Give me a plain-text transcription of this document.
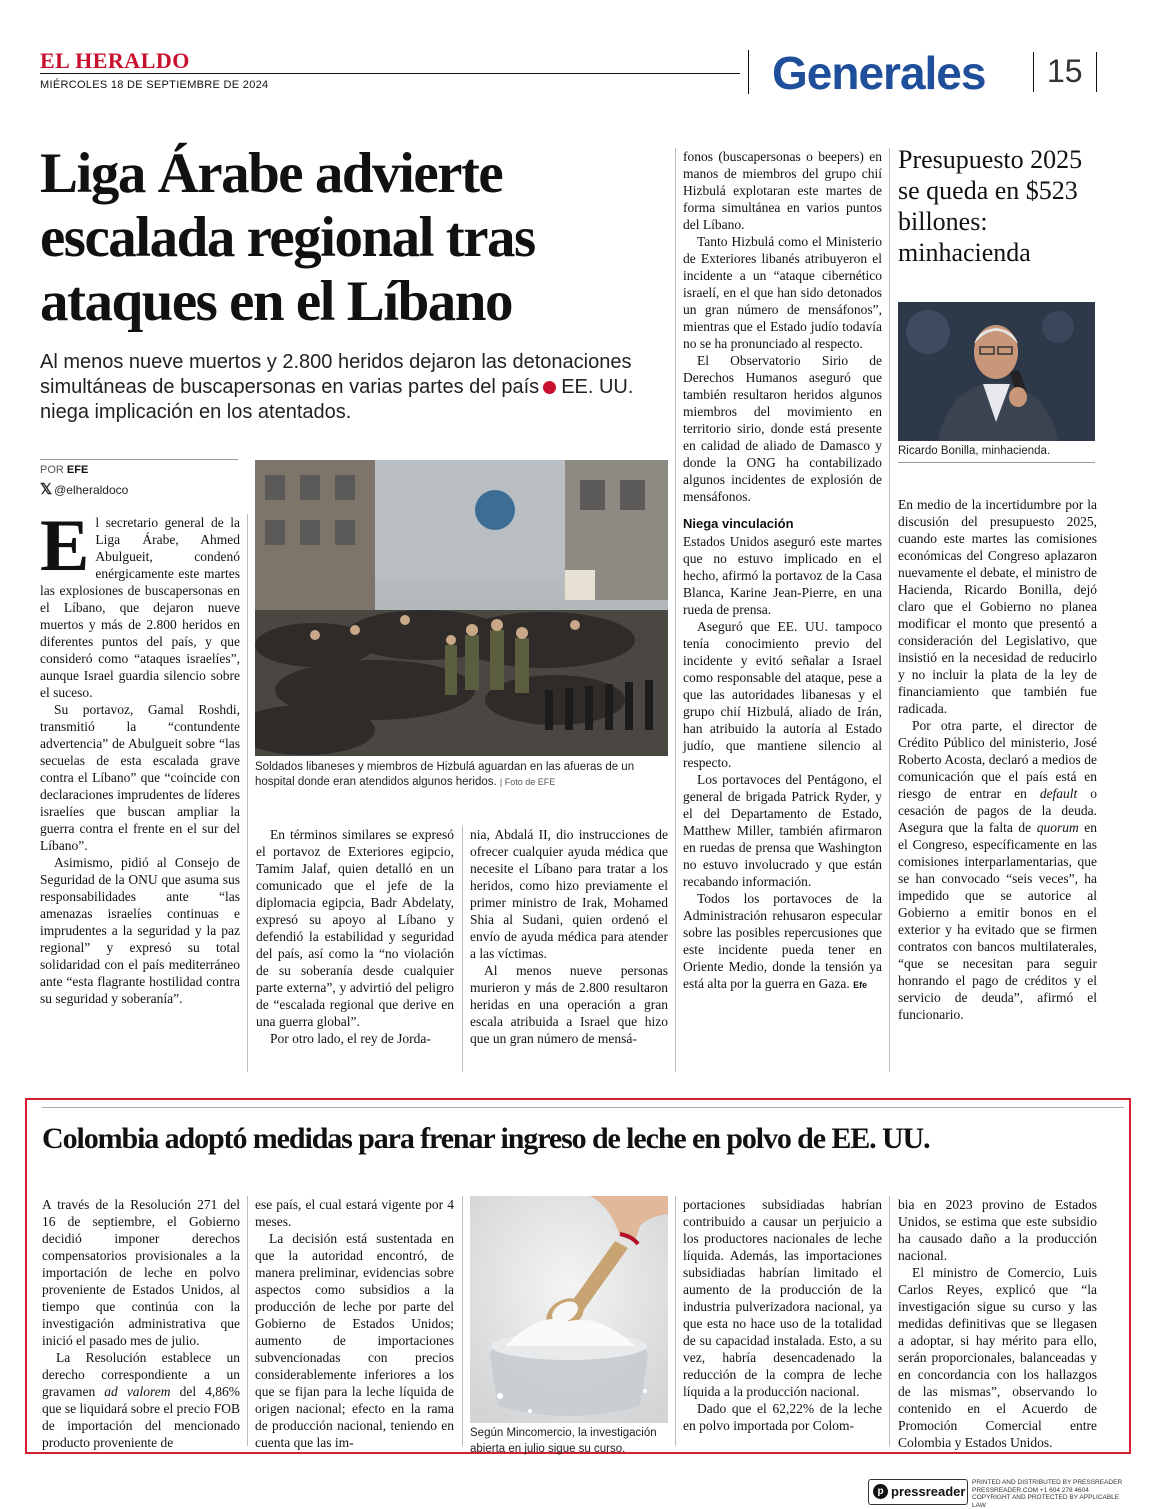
EL HERALDO
MIÉRCOLES 18 DE SEPTIEMBRE DE 2024	Generales 15
Liga Árabe advierte escalada regional tras ataques en el Líbano
Al menos nueve muertos y 2.800 heridos dejaron las detonaciones simultáneas de buscapersonas en varias partes del país EE. UU. niega implicación en los atentados.
POR EFE
𝕏 @elheraldoco

El secretario general de la Liga Árabe, Ahmed Abulgueit, condenó enérgicamente este martes las explosiones de buscapersonas en el Líbano, que dejaron nueve muertos y más de 2.800 heridos en diferentes puntos del país, y que consideró como “ataques israelíes”, aunque Israel guardia silencio sobre el suceso.

Su portavoz, Gamal Roshdi, transmitió la “contundente advertencia” de Abulgueit sobre “las secuelas de esta escalada grave contra el Líbano” que “coincide con declaraciones imprudentes de líderes israelíes que buscan ampliar la guerra contra el frente en el sur del Líbano”.

Asimismo, pidió al Consejo de Seguridad de la ONU que asuma sus responsabilidades ante “las amenazas israelíes continuas e imprudentes a la seguridad y la paz regional” y expresó su total solidaridad con el país mediterráneo ante “esta flagrante hostilidad contra su seguridad y soberanía”.

Soldados libaneses y miembros de Hizbulá aguardan en las afueras de un hospital donde eran atendidos algunos heridos. | Foto de EFE

En términos similares se expresó el portavoz de Exteriores egipcio, Tamim Jalaf, quien detalló en un comunicado que el jefe de la diplomacia egipcia, Badr Abdelaty, expresó su apoyo al Líbano y defendió la estabilidad y seguridad del país, así como la “no violación de su soberanía desde cualquier parte externa”, y advirtió del peligro de “escalada regional que derive en una guerra global”.

Por otro lado, el rey de Jorda-

nia, Abdalá II, dio instrucciones de ofrecer cualquier ayuda médica que necesite el Líbano para tratar a los heridos, como hizo previamente el primer ministro de Irak, Mohamed Shia al Sudani, quien ordenó el envío de ayuda médica para atender a las víctimas.

Al menos nueve personas murieron y más de 2.800 resultaron heridas en una operación a gran escala atribuida a Israel que hizo que un gran número de mensá-

fonos (buscapersonas o beepers) en manos de miembros del grupo chií Hizbulá explotaran este martes de forma simultánea en varios puntos del Líbano.

Tanto Hizbulá como el Ministerio de Exteriores libanés atribuyeron el incidente a un “ataque cibernético israelí, en el que han sido detonados un gran número de mensáfonos”, mientras que el Estado judío todavía no se ha pronunciado al respecto.

El Observatorio Sirio de Derechos Humanos aseguró que también resultaron heridos algunos miembros del movimiento en territorio sirio, donde está presente en calidad de aliado de Damasco y donde la ONG ha contabilizado algunos incidentes de explosión de mensáfonos.

Niega vinculación

Estados Unidos aseguró este martes que no estuvo implicado en el hecho, afirmó la portavoz de la Casa Blanca, Karine Jean-Pierre, en una rueda de prensa.

Aseguró que EE. UU. tampoco tenía conocimiento previo del incidente y evitó señalar a Israel como responsable del ataque, pese a que las autoridades libanesas y el grupo chií Hizbulá, aliado de Irán, han atribuido la autoría al Estado judío, que mantiene silencio al respecto.

Los portavoces del Pentágono, el general de brigada Patrick Ryder, y el del Departamento de Estado, Matthew Miller, también afirmaron en ruedas de prensa que Washington no estuvo involucrado y que están recabando información.

Todos los portavoces de la Administración rehusaron especular sobre las posibles repercusiones que este incidente pueda tener en Oriente Medio, donde la tensión ya está alta por la guerra en Gaza. Efe

Presupuesto 2025 se queda en $523 billones: minhacienda
Ricardo Bonilla, minhacienda.

En medio de la incertidumbre por la discusión del presupuesto 2025, cuando este martes las comisiones económicas del Congreso aplazaron nuevamente el debate, el ministro de Hacienda, Ricardo Bonilla, dejó claro que el Gobierno no planea modificar el monto que presentó a consideración del Legislativo, que insistió en la necesidad de reducirlo y no incluir la plata de la ley de financiamiento que también fue radicada.

Por otra parte, el director de Crédito Público del ministerio, José Roberto Acosta, declaró a medios de comunicación que el país está en riesgo de entrar en default o cesación de pagos de la deuda. Asegura que la falta de quorum en el Congreso, específicamente en las comisiones interparlamentarias, que se han convocado “seis veces”, ha impedido que se autorice al Gobierno a emitir bonos en el exterior y ha evitado que se firmen contratos con bancos multilaterales, “que se necesitan para seguir honrando el pago de créditos y el servicio de deuda”, afirmó el funcionario.

Colombia adoptó medidas para frenar ingreso de leche en polvo de EE. UU.

A través de la Resolución 271 del 16 de septiembre, el Gobierno decidió imponer derechos compensatorios provisionales a la importación de leche en polvo proveniente de Estados Unidos, al tiempo que continúa con la investigación administrativa que inició el pasado mes de julio.

La Resolución establece un derecho correspondiente a un gravamen ad valorem del 4,86% que se liquidará sobre el precio FOB de importación del mencionado producto proveniente de

ese país, el cual estará vigente por 4 meses.

La decisión está sustentada en que la autoridad encontró, de manera preliminar, evidencias sobre aspectos como subsidios a la producción de leche por parte del Gobierno de Estados Unidos; aumento de importaciones subvencionadas con precios considerablemente inferiores a los que se fijan para la leche líquida de origen nacional; efecto en la rama de producción nacional, teniendo en cuenta que las im-

Según Mincomercio, la investigación abierta en julio sigue su curso.

portaciones subsidiadas habrían contribuido a causar un perjuicio a los productores nacionales de leche líquida. Además, las importaciones subsidiadas habrían limitado el aumento de la producción de la industria pulverizadora nacional, ya que esta no hace uso de la totalidad de su capacidad instalada. Esto, a su vez, habría desencadenado la reducción de la compra de leche líquida a la producción nacional.

Dado que el 62,22% de la leche en polvo importada por Colom-

bia en 2023 provino de Estados Unidos, se estima que este subsidio ha causado daño a la producción nacional.

El ministro de Comercio, Luis Carlos Reyes, explicó que “la investigación sigue su curso y las medidas definitivas que se llegasen a adoptar, si hay mérito para ello, serán proporcionales, balanceadas y en concordancia con los hallazgos de las mismas”, observando lo contenido en el Acuerdo de Promoción Comercial entre Colombia y Estados Unidos.

p pressreader
PRINTED AND DISTRIBUTED BY PRESSREADER
PRESSREADER.COM +1 604 278 4604
COPYRIGHT AND PROTECTED BY APPLICABLE LAW
